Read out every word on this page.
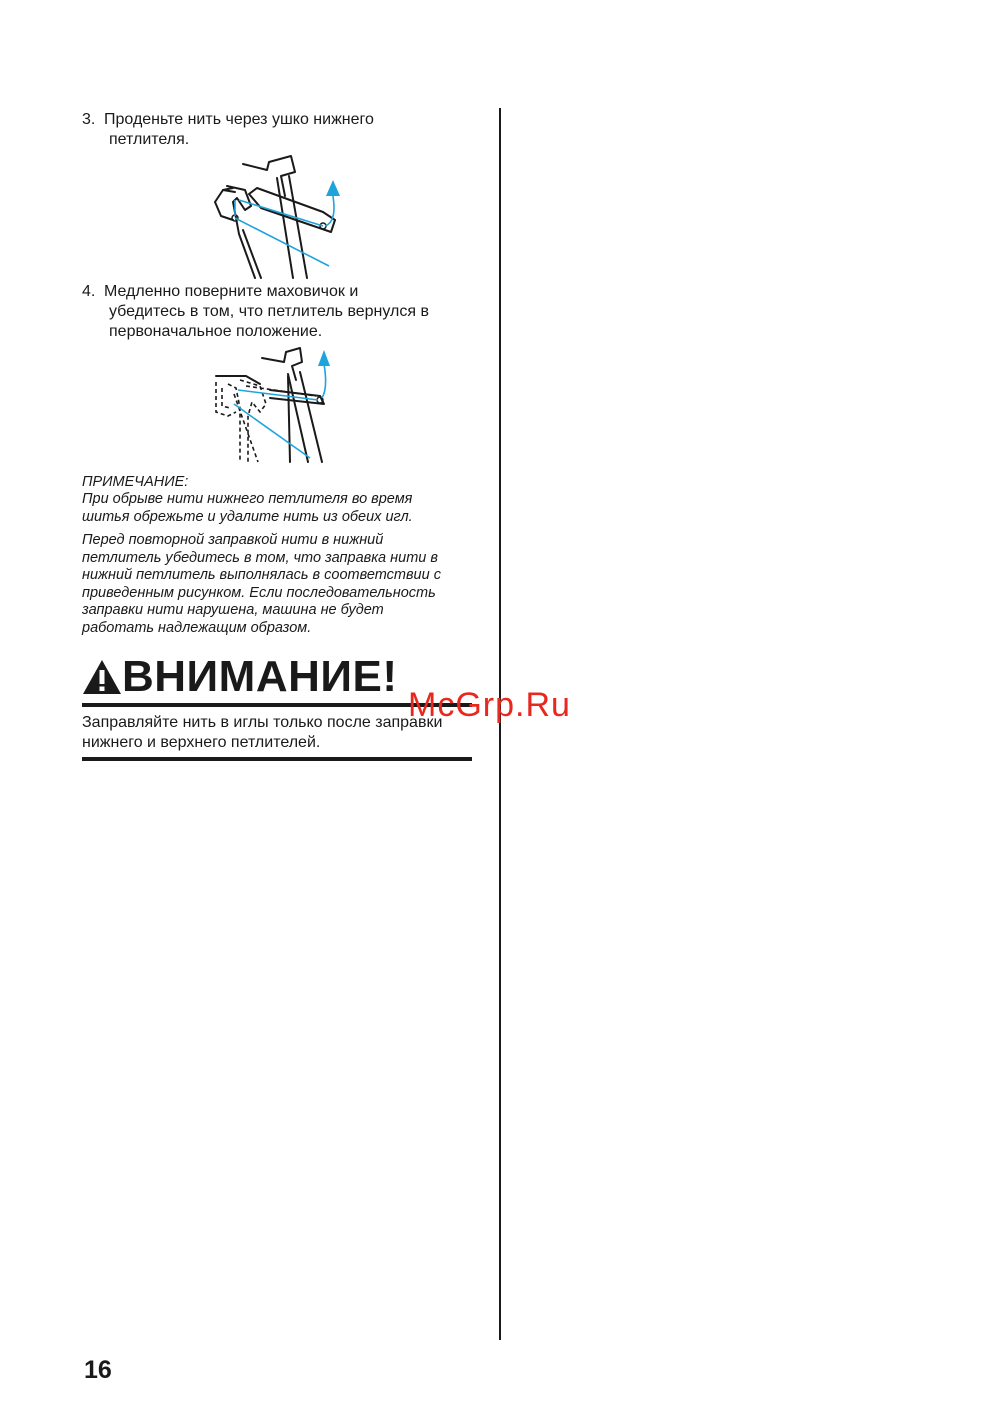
3. Проденьте нить через ушко нижнего
петлителя.
4. Медленно поверните маховичок и
убедитесь в том, что петлитель вернулся в
первоначальное положение.
ПРИМЕЧАНИЕ:
При обрыве нити нижнего петлителя во время
шитья обрежьте и удалите нить из обеих игл.
Перед повторной заправкой нити в нижний
петлитель убедитесь в том, что заправка нити в
нижний петлитель выполнялась в соответствии с
приведенным рисунком. Если последовательность
заправки нити нарушена, машина не будет
работать надлежащим образом.
ВНИМАНИЕ!
Заправляйте нить в иглы только после заправки
нижнего и верхнего петлителей.
McGrp.Ru
16
